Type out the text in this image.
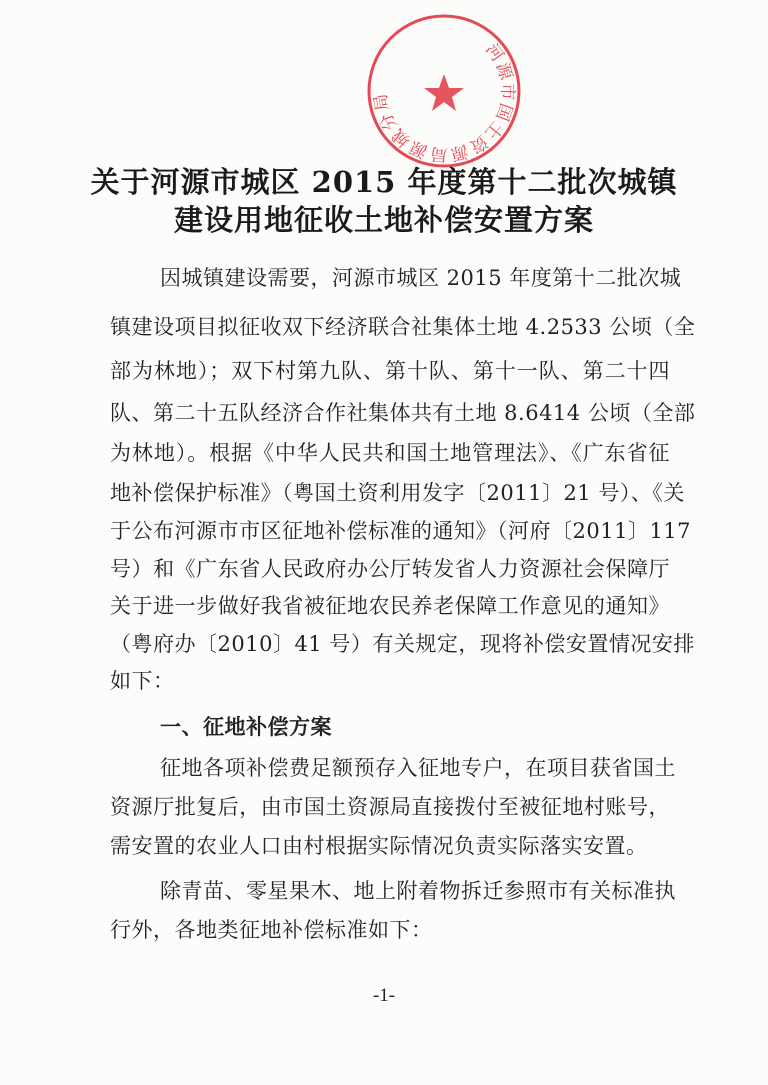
河源市国土资源局源城分局
关于河源市城区 2015 年度第十二批次城镇
建设用地征收土地补偿安置方案
因城镇建设需要，河源市城区 2015 年度第十二批次城
镇建设项目拟征收双下经济联合社集体土地 4.2533 公顷（全
部为林地）；双下村第九队、第十队、第十一队、第二十四
队、第二十五队经济合作社集体共有土地 8.6414 公顷（全部
为林地）。根据《中华人民共和国土地管理法》、《广东省征
地补偿保护标准》（粤国土资利用发字〔2011〕21 号）、《关
于公布河源市市区征地补偿标准的通知》（河府〔2011〕117
号）和《广东省人民政府办公厅转发省人力资源社会保障厅
关于进一步做好我省被征地农民养老保障工作意见的通知》
（粤府办〔2010〕41 号）有关规定，现将补偿安置情况安排
如下：
一、征地补偿方案
征地各项补偿费足额预存入征地专户，在项目获省国土
资源厅批复后，由市国土资源局直接拨付至被征地村账号，
需安置的农业人口由村根据实际情况负责实际落实安置。
除青苗、零星果木、地上附着物拆迁参照市有关标准执
行外，各地类征地补偿标准如下：
-1-
